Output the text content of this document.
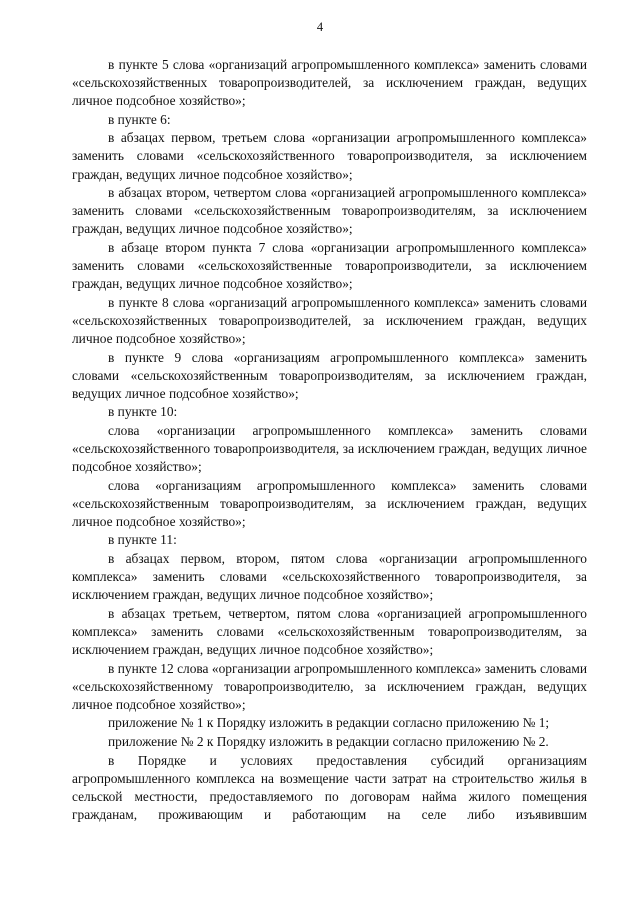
4

в пункте 5 слова «организаций агропромышленного комплекса» заменить словами «сельскохозяйственных товаропроизводителей, за исключением граждан, ведущих личное подсобное хозяйство»;

в пункте 6:

в абзацах первом, третьем слова «организации агропромышленного комплекса» заменить словами «сельскохозяйственного товаропроизводителя, за исключением граждан, ведущих личное подсобное хозяйство»;

в абзацах втором, четвертом слова «организацией агропромышленного комплекса» заменить словами «сельскохозяйственным товаропроизводителям, за исключением граждан, ведущих личное подсобное хозяйство»;

в абзаце втором пункта 7 слова «организации агропромышленного комплекса» заменить словами «сельскохозяйственные товаропроизводители, за исключением граждан, ведущих личное подсобное хозяйство»;

в пункте 8 слова «организаций агропромышленного комплекса» заменить словами «сельскохозяйственных товаропроизводителей, за исключением граждан, ведущих личное подсобное хозяйство»;

в пункте 9 слова «организациям агропромышленного комплекса» заменить словами «сельскохозяйственным товаропроизводителям, за исключением граждан, ведущих личное подсобное хозяйство»;

в пункте 10:

слова «организации агропромышленного комплекса» заменить словами «сельскохозяйственного товаропроизводителя, за исключением граждан, ведущих личное подсобное хозяйство»;

слова «организациям агропромышленного комплекса» заменить словами «сельскохозяйственным товаропроизводителям, за исключением граждан, ведущих личное подсобное хозяйство»;

в пункте 11:

в абзацах первом, втором, пятом слова «организации агропромышленного комплекса» заменить словами «сельскохозяйственного товаропроизводителя, за исключением граждан, ведущих личное подсобное хозяйство»;

в абзацах третьем, четвертом, пятом слова «организацией агропромышленного комплекса» заменить словами «сельскохозяйственным товаропроизводителям, за исключением граждан, ведущих личное подсобное хозяйство»;

в пункте 12 слова «организации агропромышленного комплекса» заменить словами «сельскохозяйственному товаропроизводителю, за исключением граждан, ведущих личное подсобное хозяйство»;

приложение № 1 к Порядку изложить в редакции согласно приложению № 1;

приложение № 2 к Порядку изложить в редакции согласно приложению № 2.

в Порядке и условиях предоставления субсидий организациям агропромышленного комплекса на возмещение части затрат на строительство жилья в сельской местности, предоставляемого по договорам найма жилого помещения гражданам, проживающим и работающим на селе либо изъявившим
